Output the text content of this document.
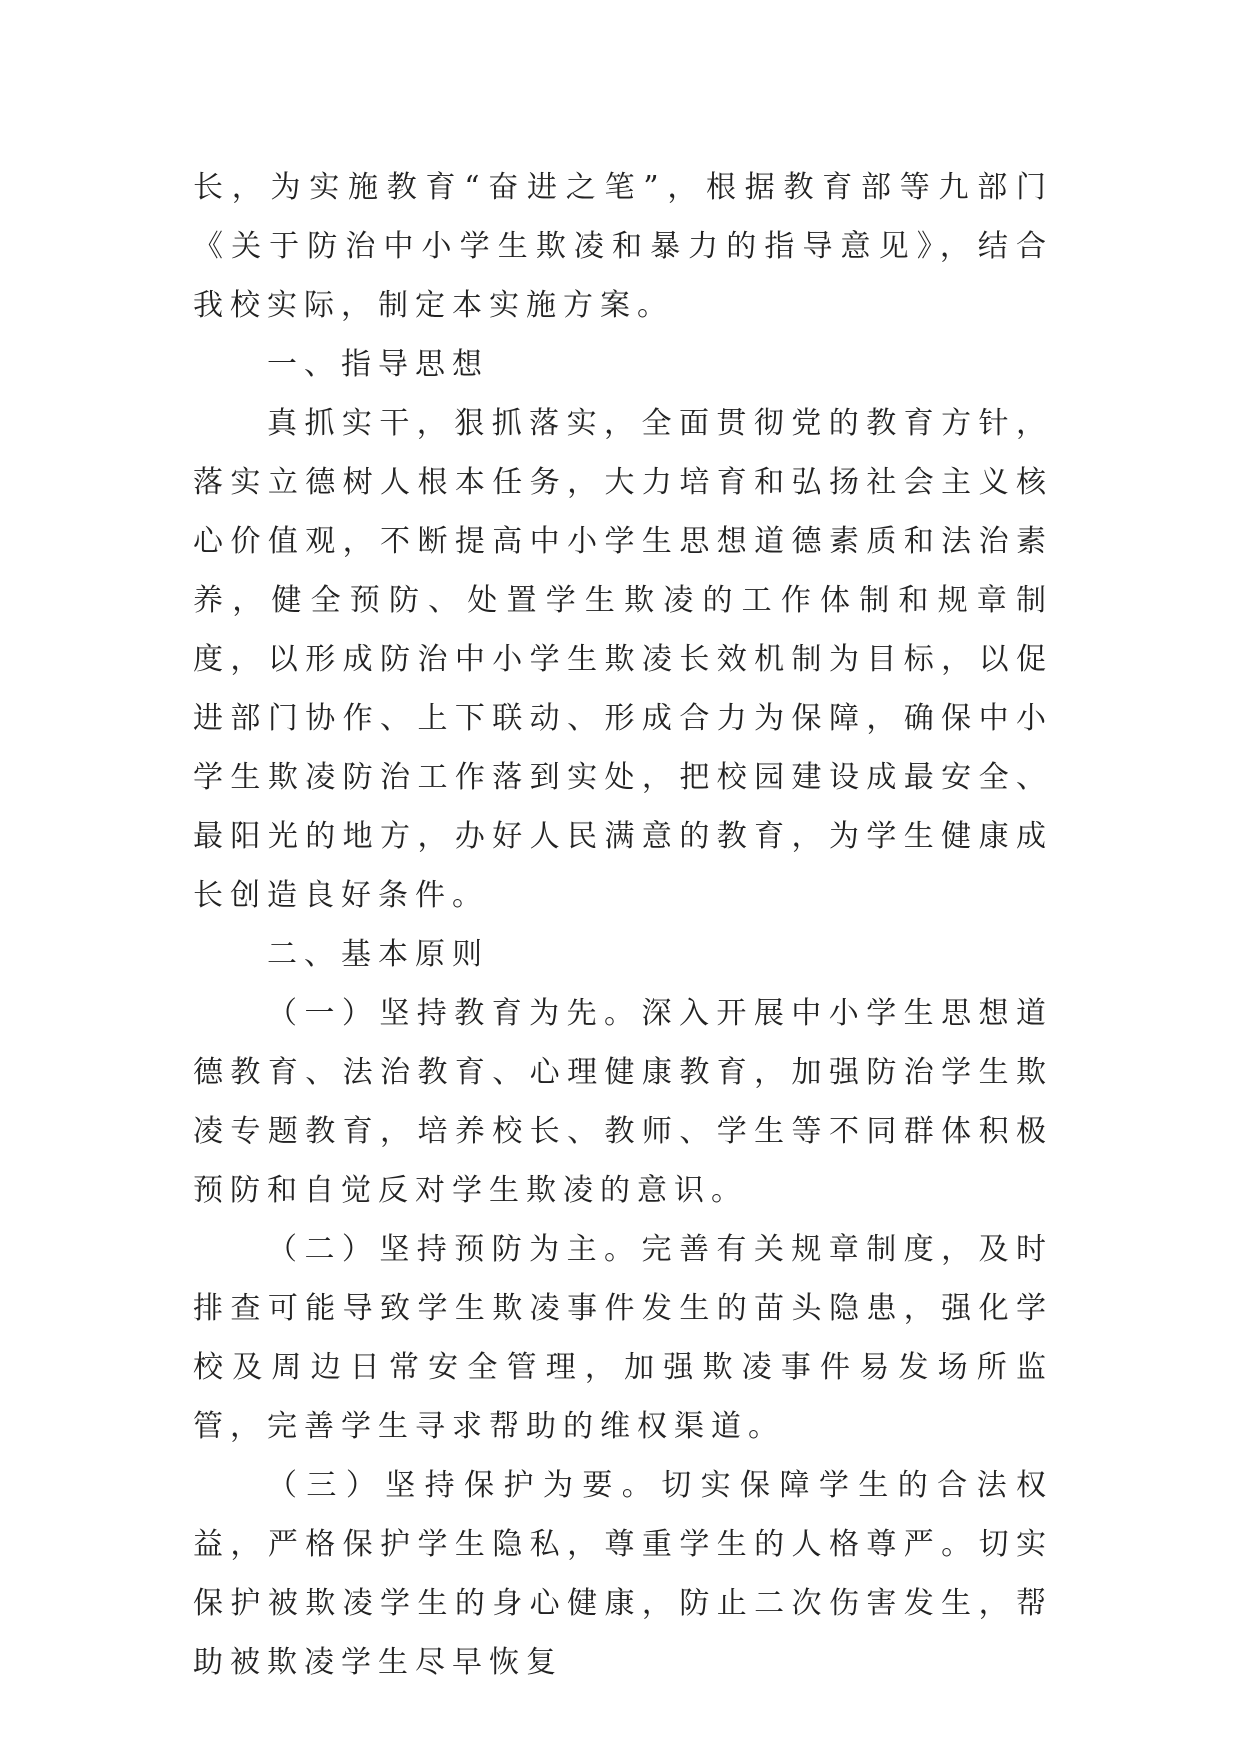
长，为实施教育“奋进之笔”，根据教育部等九部门《关于防治中小学生欺凌和暴力的指导意见》，结合我校实际，制定本实施方案。

一、指导思想

真抓实干，狠抓落实，全面贯彻党的教育方针，落实立德树人根本任务，大力培育和弘扬社会主义核心价值观，不断提高中小学生思想道德素质和法治素养，健全预防、处置学生欺凌的工作体制和规章制度，以形成防治中小学生欺凌长效机制为目标，以促进部门协作、上下联动、形成合力为保障，确保中小学生欺凌防治工作落到实处，把校园建设成最安全、最阳光的地方，办好人民满意的教育，为学生健康成长创造良好条件。

二、基本原则

（一）坚持教育为先。深入开展中小学生思想道德教育、法治教育、心理健康教育，加强防治学生欺凌专题教育，培养校长、教师、学生等不同群体积极预防和自觉反对学生欺凌的意识。

（二）坚持预防为主。完善有关规章制度，及时排查可能导致学生欺凌事件发生的苗头隐患，强化学校及周边日常安全管理，加强欺凌事件易发场所监管，完善学生寻求帮助的维权渠道。

（三）坚持保护为要。切实保障学生的合法权益，严格保护学生隐私，尊重学生的人格尊严。切实保护被欺凌学生的身心健康，防止二次伤害发生，帮助被欺凌学生尽早恢复
